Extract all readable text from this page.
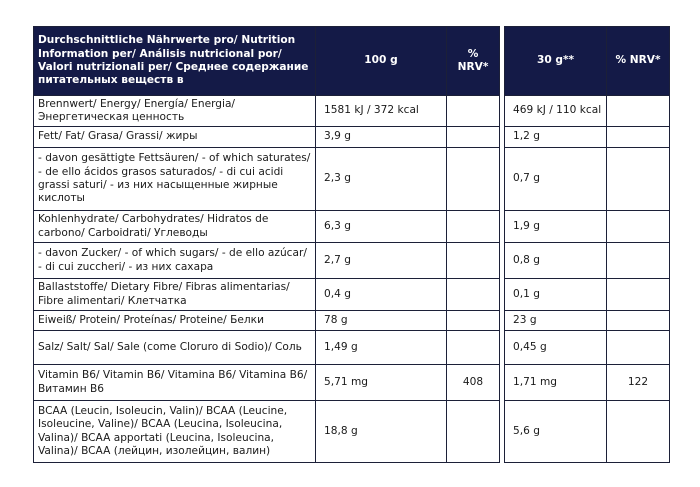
Durchschnittliche Nährwerte pro/ Nutrition Information per/ Análisis nutricional por/ Valori nutrizionali per/ Среднее содержание питательных веществ в	100 g	% NRV*		30 g**	% NRV*
Brennwert/ Energy/ Energía/ Energia/ Энергетическая ценность	1581 kJ / 372 kcal			469 kJ / 110 kcal	
Fett/ Fat/ Grasa/ Grassi/ жиры	3,9 g			1,2 g	
- davon gesättigte Fettsäuren/ - of which saturates/ - de ello ácidos grasos saturados/ - di cui acidi grassi saturi/ - из них насыщенные жирные кислоты	2,3 g			0,7 g	
Kohlenhydrate/ Carbohydrates/ Hidratos de carbono/ Carboidrati/ Углеводы	6,3 g			1,9 g	
- davon Zucker/ - of which sugars/ - de ello azúcar/ - di cui zuccheri/ - из них сахара	2,7 g			0,8 g	
Ballaststoffe/ Dietary Fibre/ Fibras alimentarias/ Fibre alimentari/ Клетчатка	0,4 g			0,1 g	
Eiweiß/ Protein/ Proteínas/ Proteine/ Белки	78 g			23 g	
Salz/ Salt/ Sal/ Sale (come Cloruro di Sodio)/ Соль	1,49 g			0,45 g	
Vitamin B6/ Vitamin B6/ Vitamina B6/ Vitamina B6/ Витамин B6	5,71 mg	408		1,71 mg	122
BCAA (Leucin, Isoleucin, Valin)/ BCAA (Leucine, Isoleucine, Valine)/ BCAA (Leucina, Isoleucina, Valina)/ BCAA apportati (Leucina, Isoleucina, Valina)/ BCAA (лейцин, изолейцин, валин)	18,8 g			5,6 g	
